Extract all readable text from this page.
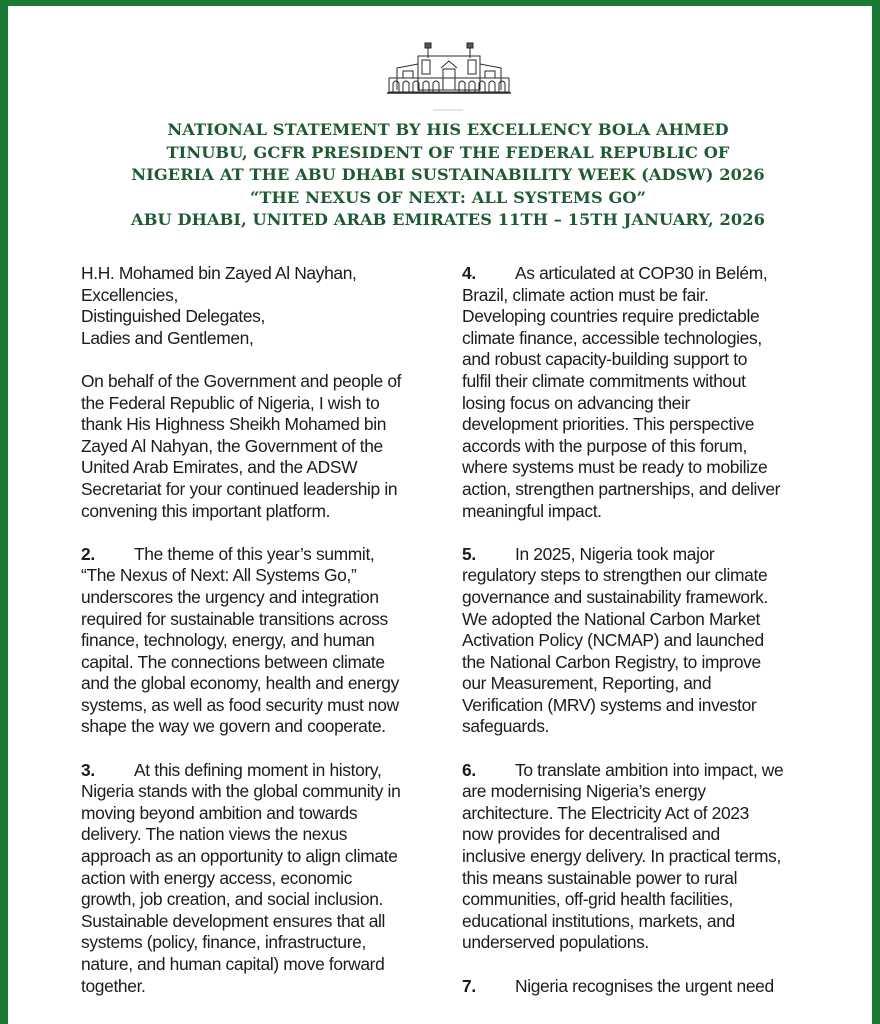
NATIONAL STATEMENT BY HIS EXCELLENCY BOLA AHMED
TINUBU, GCFR PRESIDENT OF THE FEDERAL REPUBLIC OF
NIGERIA AT THE ABU DHABI SUSTAINABILITY WEEK (ADSW) 2026
“THE NEXUS OF NEXT: ALL SYSTEMS GO”
ABU DHABI, UNITED ARAB EMIRATES 11TH – 15TH JANUARY, 2026
H.H. Mohamed bin Zayed Al Nayhan,
Excellencies,
Distinguished Delegates,
Ladies and Gentlemen,
On behalf of the Government and people of
the Federal Republic of Nigeria, I wish to
thank His Highness Sheikh Mohamed bin
Zayed Al Nahyan, the Government of the
United Arab Emirates, and the ADSW
Secretariat for your continued leadership in
convening this important platform.
2. The theme of this year’s summit,
“The Nexus of Next: All Systems Go,”
underscores the urgency and integration
required for sustainable transitions across
finance, technology, energy, and human
capital. The connections between climate
and the global economy, health and energy
systems, as well as food security must now
shape the way we govern and cooperate.
3. At this defining moment in history,
Nigeria stands with the global community in
moving beyond ambition and towards
delivery. The nation views the nexus
approach as an opportunity to align climate
action with energy access, economic
growth, job creation, and social inclusion.
Sustainable development ensures that all
systems (policy, finance, infrastructure,
nature, and human capital) move forward
together.
4. As articulated at COP30 in Belém,
Brazil, climate action must be fair.
Developing countries require predictable
climate finance, accessible technologies,
and robust capacity-building support to
fulfil their climate commitments without
losing focus on advancing their
development priorities. This perspective
accords with the purpose of this forum,
where systems must be ready to mobilize
action, strengthen partnerships, and deliver
meaningful impact.
5. In 2025, Nigeria took major
regulatory steps to strengthen our climate
governance and sustainability framework.
We adopted the National Carbon Market
Activation Policy (NCMAP) and launched
the National Carbon Registry, to improve
our Measurement, Reporting, and
Verification (MRV) systems and investor
safeguards.
6. To translate ambition into impact, we
are modernising Nigeria’s energy
architecture. The Electricity Act of 2023
now provides for decentralised and
inclusive energy delivery. In practical terms,
this means sustainable power to rural
communities, off-grid health facilities,
educational institutions, markets, and
underserved populations.
7. Nigeria recognises the urgent need
